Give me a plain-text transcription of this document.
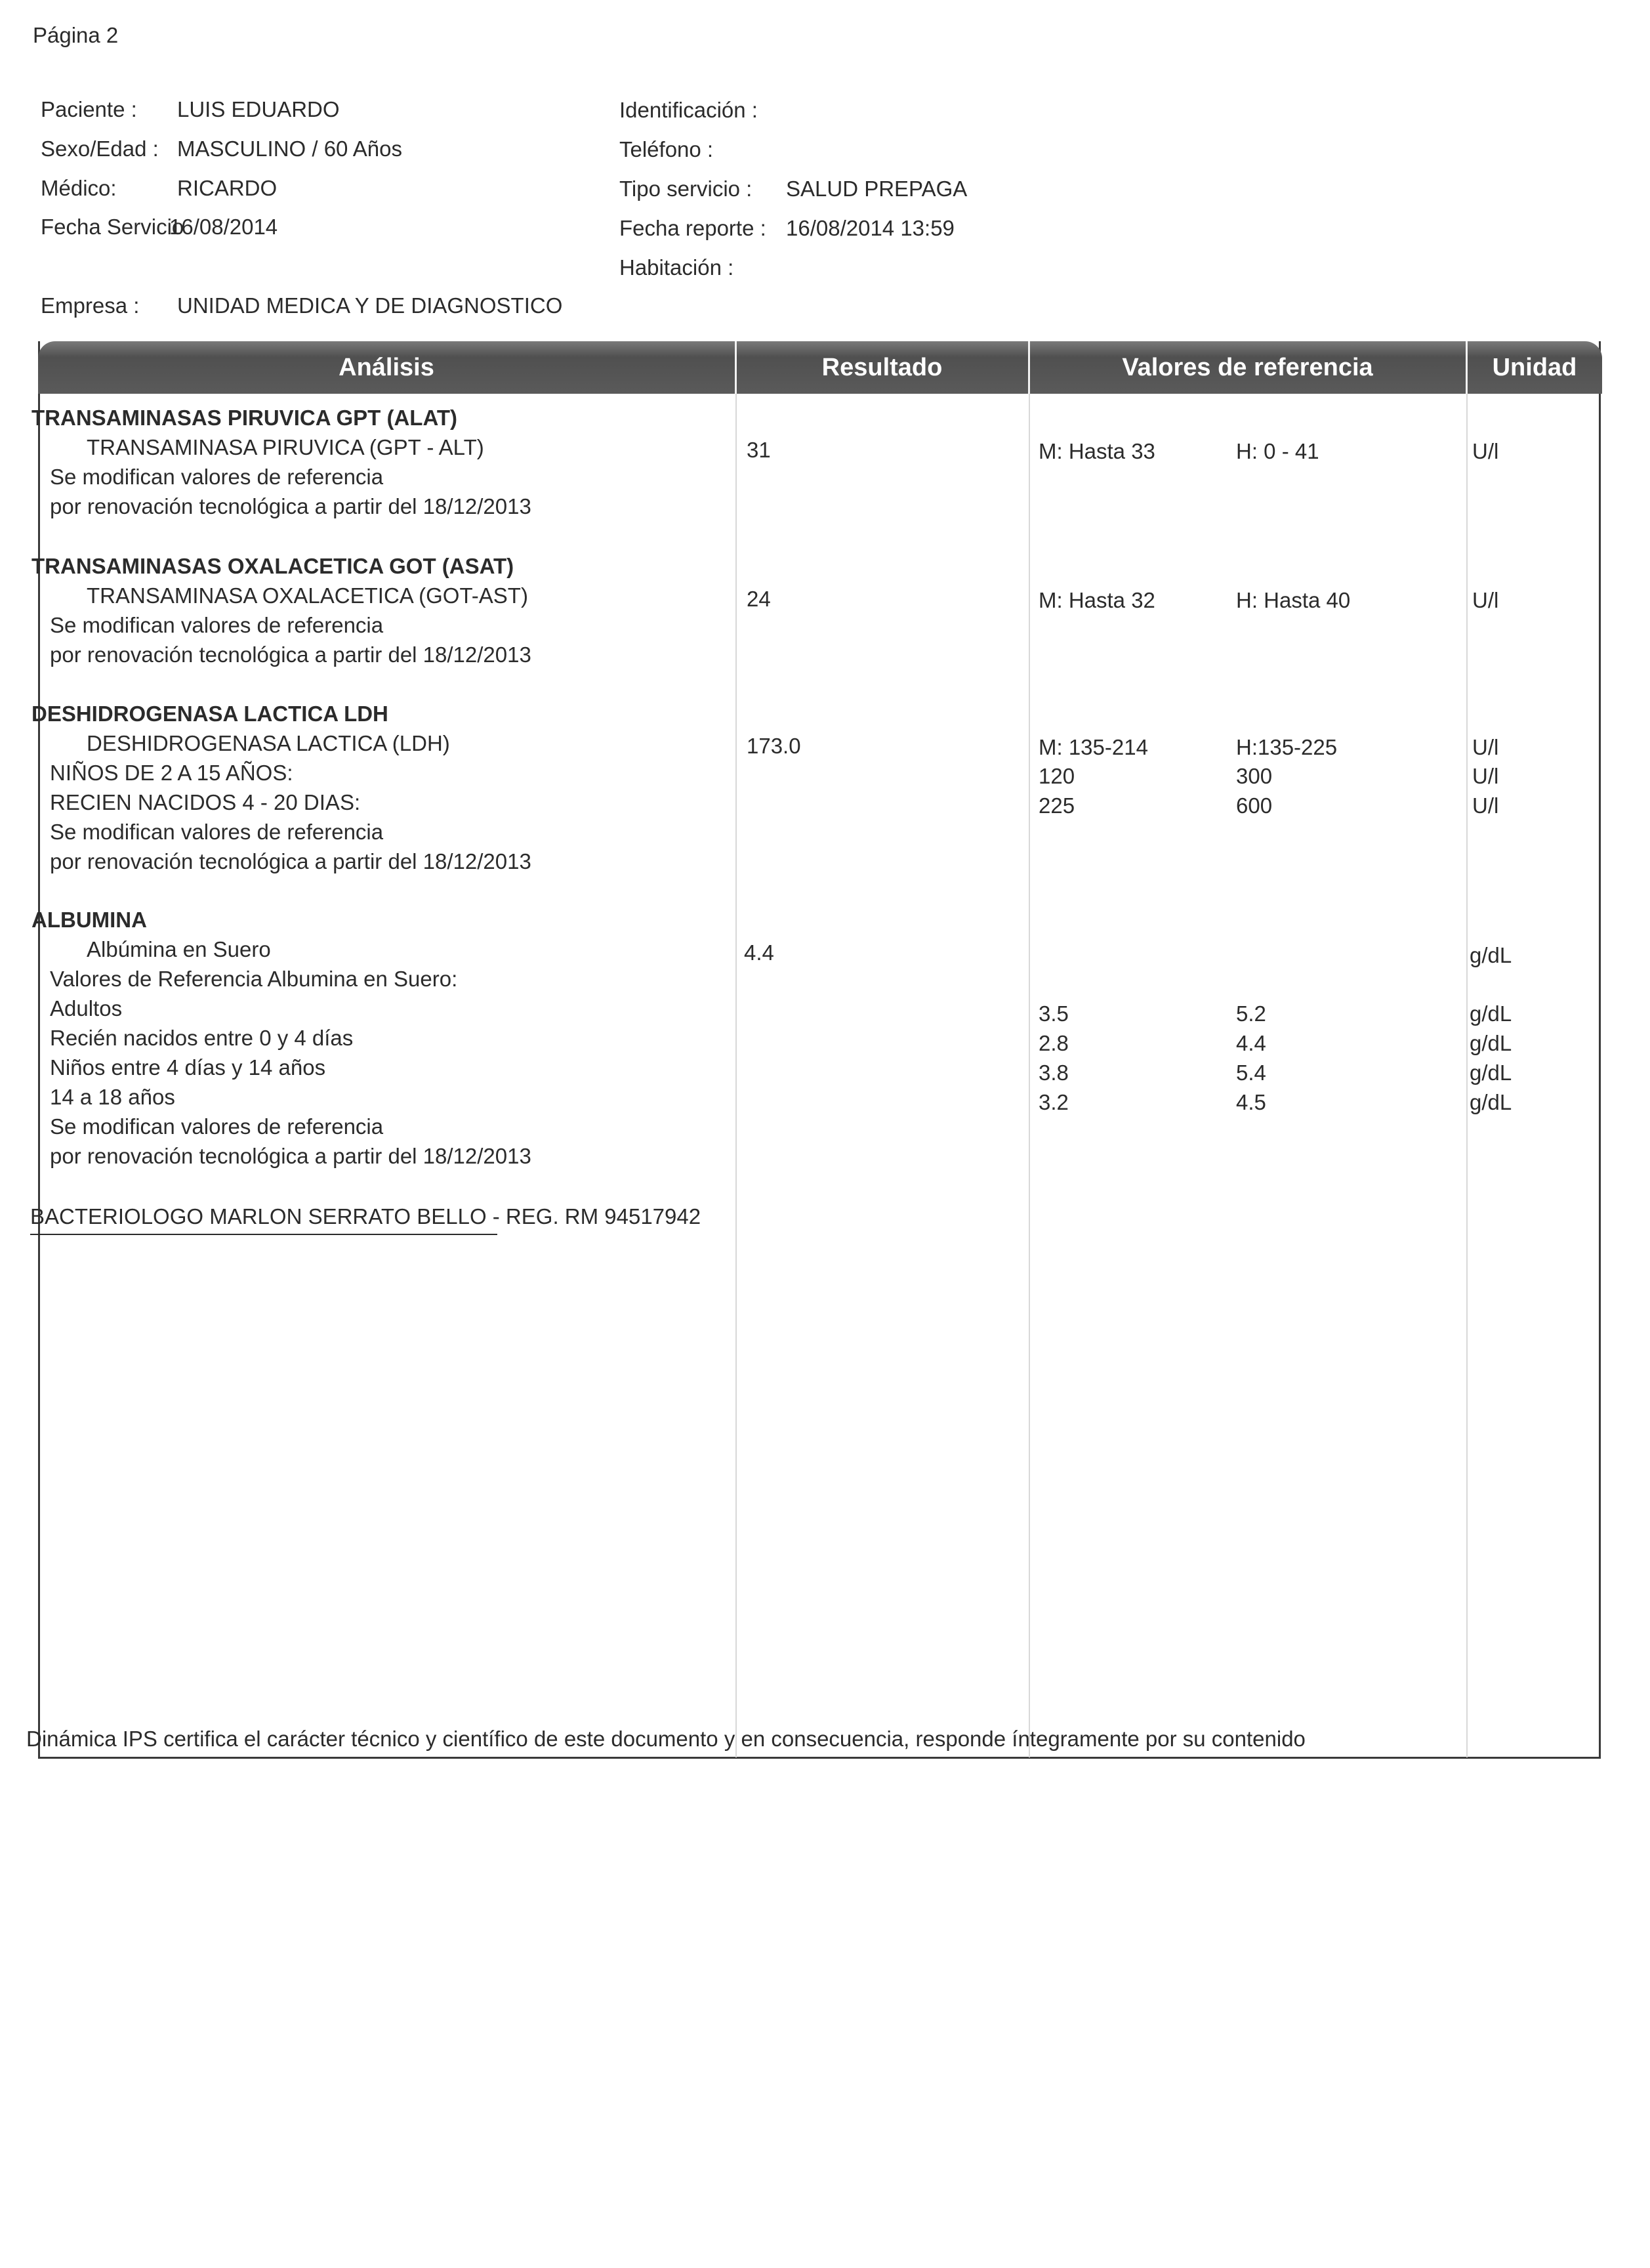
Página 2
Paciente : LUIS EDUARDO
Sexo/Edad : MASCULINO / 60 Años
Médico:	RICARDO
Fecha Servicio
16/08/2014
Empresa : UNIDAD MEDICA Y DE DIAGNOSTICO
Identificación :
Teléfono :
Tipo servicio : SALUD PREPAGA
Fecha reporte : 16/08/2014 13:59
Habitación :
Análisis	Resultado	Valores de referencia	Unidad
TRANSAMINASAS PIRUVICA GPT (ALAT)
TRANSAMINASA PIRUVICA (GPT - ALT)	31	M: Hasta 33	H: 0 - 41	U/l
Se modifican valores de referencia
por renovación tecnológica a partir del 18/12/2013
TRANSAMINASAS OXALACETICA GOT (ASAT)
TRANSAMINASA OXALACETICA (GOT-AST)	24	M: Hasta 32	H: Hasta 40	U/l
Se modifican valores de referencia
por renovación tecnológica a partir del 18/12/2013
DESHIDROGENASA LACTICA LDH
DESHIDROGENASA LACTICA (LDH)	173.0	M: 135-214	H:135-225	U/l
NIÑOS DE 2 A 15 AÑOS:	120	300	U/l
RECIEN NACIDOS 4 - 20 DIAS:	225	600	U/l
Se modifican valores de referencia
por renovación tecnológica a partir del 18/12/2013
ALBUMINA
Albúmina en Suero	4.4	g/dL
Valores de Referencia Albumina en Suero:
Adultos	3.5	5.2	g/dL
Recién nacidos entre 0 y 4 días	2.8	4.4	g/dL
Niños entre 4 días y 14 años	3.8	5.4	g/dL
14 a 18 años	3.2	4.5	g/dL
Se modifican valores de referencia
por renovación tecnológica a partir del 18/12/2013
BACTERIOLOGO MARLON SERRATO BELLO - REG. RM 94517942
Dinámica IPS certifica el carácter técnico y científico de este documento y en consecuencia, responde íntegramente por su contenido
